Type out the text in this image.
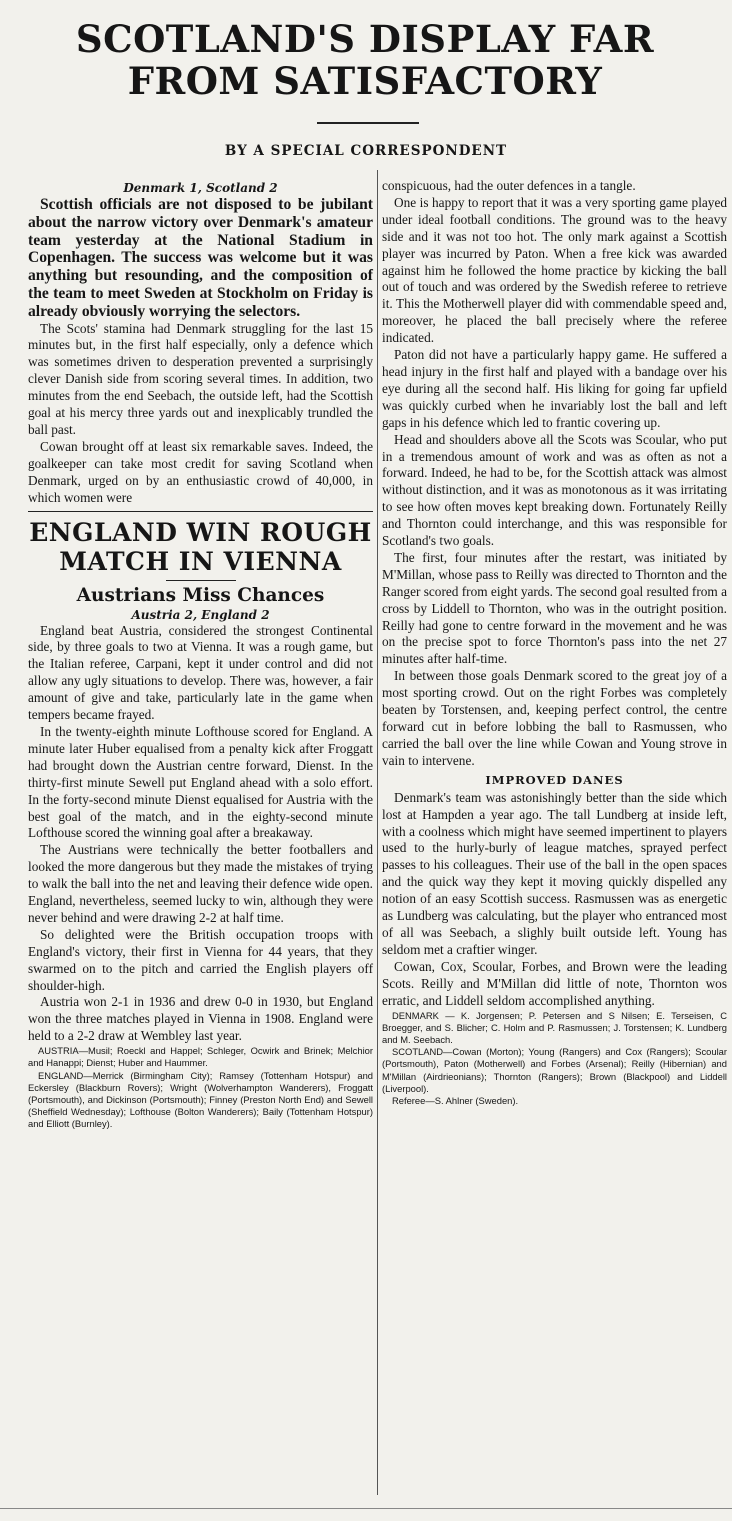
SCOTLAND'S DISPLAY FAR FROM SATISFACTORY
BY A SPECIAL CORRESPONDENT
Denmark 1, Scotland 2

Scottish officials are not disposed to be jubilant about the narrow victory over Denmark's amateur team yesterday at the National Stadium in Copenhagen. The success was welcome but it was anything but resounding, and the composition of the team to meet Sweden at Stockholm on Friday is already obviously worrying the selectors.

The Scots' stamina had Denmark struggling for the last 15 minutes but, in the first half especially, only a defence which was sometimes driven to desperation prevented a surprisingly clever Danish side from scoring several times. In addition, two minutes from the end Seebach, the outside left, had the Scottish goal at his mercy three yards out and inexplicably trundled the ball past.

Cowan brought off at least six remarkable saves. Indeed, the goalkeeper can take most credit for saving Scotland when Denmark, urged on by an enthusiastic crowd of 40,000, in which women were

ENGLAND WIN ROUGH MATCH IN VIENNA
Austrians Miss Chances
Austria 2, England 2

England beat Austria, considered the strongest Continental side, by three goals to two at Vienna. It was a rough game, but the Italian referee, Carpani, kept it under control and did not allow any ugly situations to develop. There was, however, a fair amount of give and take, particularly late in the game when tempers became frayed.

In the twenty-eighth minute Lofthouse scored for England. A minute later Huber equalised from a penalty kick after Froggatt had brought down the Austrian centre forward, Dienst. In the thirty-first minute Sewell put England ahead with a solo effort. In the forty-second minute Dienst equalised for Austria with the best goal of the match, and in the eighty-second minute Lofthouse scored the winning goal after a breakaway.

The Austrians were technically the better footballers and looked the more dangerous but they made the mistakes of trying to walk the ball into the net and leaving their defence wide open. England, nevertheless, seemed lucky to win, although they were never behind and were drawing 2-2 at half time.

So delighted were the British occupation troops with England's victory, their first in Vienna for 44 years, that they swarmed on to the pitch and carried the English players off shoulder-high.

Austria won 2-1 in 1936 and drew 0-0 in 1930, but England won the three matches played in Vienna in 1908. England were held to a 2-2 draw at Wembley last year.

AUSTRIA—Musil; Roeckl and Happel; Schleger, Ocwirk and Brinek; Melchior and Hanappi; Dienst; Huber and Haummer.

ENGLAND—Merrick (Birmingham City); Ramsey (Tottenham Hotspur) and Eckersley (Blackburn Rovers); Wright (Wolverhampton Wanderers), Froggatt (Portsmouth), and Dickinson (Portsmouth); Finney (Preston North End) and Sewell (Sheffield Wednesday); Lofthouse (Bolton Wanderers); Baily (Tottenham Hotspur) and Elliott (Burnley).

conspicuous, had the outer defences in a tangle.

One is happy to report that it was a very sporting game played under ideal football conditions. The ground was to the heavy side and it was not too hot. The only mark against a Scottish player was incurred by Paton. When a free kick was awarded against him he followed the home practice by kicking the ball out of touch and was ordered by the Swedish referee to retrieve it. This the Motherwell player did with commendable speed and, moreover, he placed the ball precisely where the referee indicated.

Paton did not have a particularly happy game. He suffered a head injury in the first half and played with a bandage over his eye during all the second half. His liking for going far upfield was quickly curbed when he invariably lost the ball and left gaps in his defence which led to frantic covering up.

Head and shoulders above all the Scots was Scoular, who put in a tremendous amount of work and was as often as not a forward. Indeed, he had to be, for the Scottish attack was almost without distinction, and it was as monotonous as it was irritating to see how often moves kept breaking down. Fortunately Reilly and Thornton could interchange, and this was responsible for Scotland's two goals.

The first, four minutes after the restart, was initiated by M'Millan, whose pass to Reilly was directed to Thornton and the Ranger scored from eight yards. The second goal resulted from a cross by Liddell to Thornton, who was in the outright position. Reilly had gone to centre forward in the movement and he was on the precise spot to force Thornton's pass into the net 27 minutes after half-time.

In between those goals Denmark scored to the great joy of a most sporting crowd. Out on the right Forbes was completely beaten by Torstensen, and, keeping perfect control, the centre forward cut in before lobbing the ball to Rasmussen, who carried the ball over the line while Cowan and Young strove in vain to intervene.

IMPROVED DANES

Denmark's team was astonishingly better than the side which lost at Hampden a year ago. The tall Lundberg at inside left, with a coolness which might have seemed impertinent to players used to the hurly-burly of league matches, sprayed perfect passes to his colleagues. Their use of the ball in the open spaces and the quick way they kept it moving quickly dispelled any notion of an easy Scottish success. Rasmussen was as energetic as Lundberg was calculating, but the player who entranced most of all was Seebach, a slighly built outside left. Young has seldom met a craftier winger.

Cowan, Cox, Scoular, Forbes, and Brown were the leading Scots. Reilly and M'Millan did little of note, Thornton wos erratic, and Liddell seldom accomplished anything.

DENMARK — K. Jorgensen; P. Petersen and S Nilsen; E. Terseisen, C Broegger, and S. Blicher; C. Holm and P. Rasmussen; J. Torstensen; K. Lundberg and M. Seebach.

SCOTLAND—Cowan (Morton); Young (Rangers) and Cox (Rangers); Scoular (Portsmouth), Paton (Motherwell) and Forbes (Arsenal); Reilly (Hibernian) and M'Millan (Airdrieonians); Thornton (Rangers); Brown (Blackpool) and Liddell (Liverpool).

Referee—S. Ahlner (Sweden).
